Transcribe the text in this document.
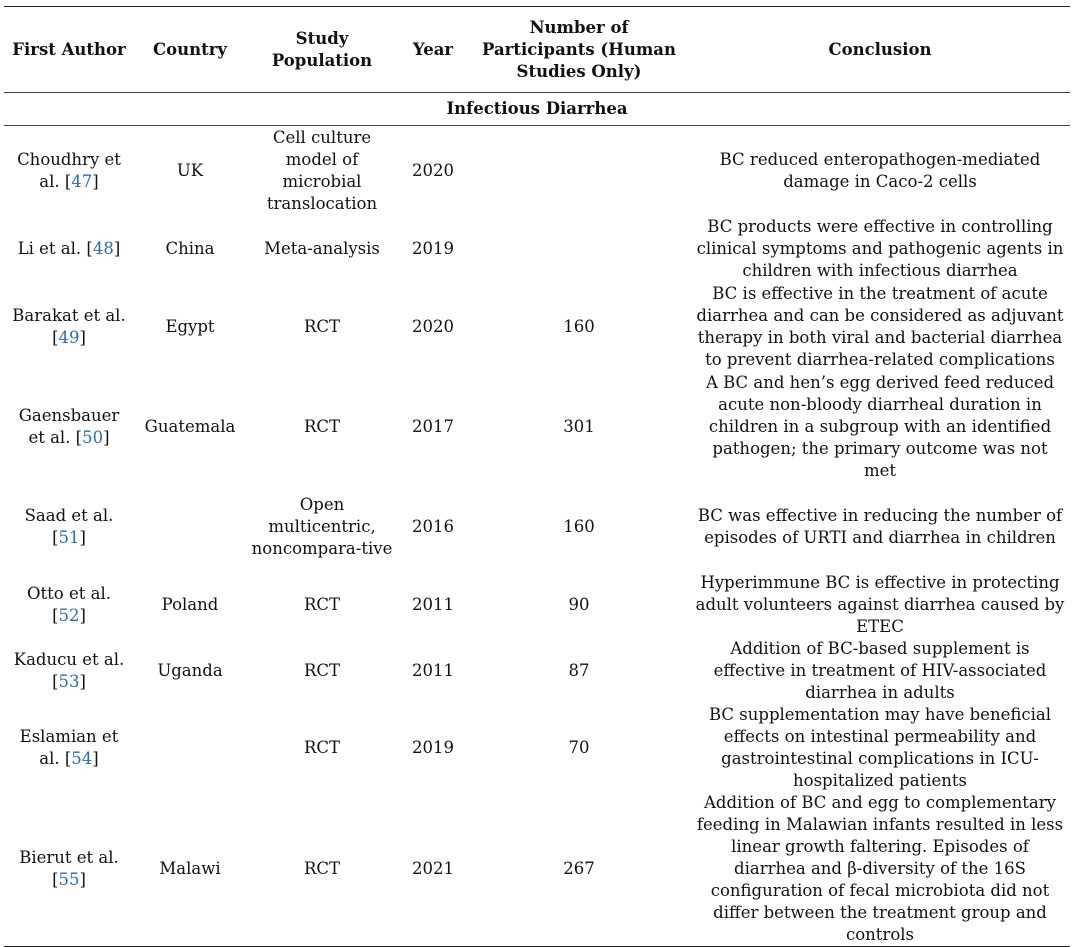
First Author	Country	Study Population	Year	Number of Participants (Human Studies Only)	Conclusion
Infectious Diarrhea					
Choudhry et al. [47]	UK	Cell culture model of microbial translocation	2020		BC reduced enteropathogen-mediated damage in Caco-2 cells
Li et al. [48]	China	Meta-analysis	2019		BC products were effective in controlling clinical symptoms and pathogenic agents in children with infectious diarrhea
Barakat et al. [49]	Egypt	RCT	2020	160	BC is effective in the treatment of acute diarrhea and can be considered as adjuvant therapy in both viral and bacterial diarrhea to prevent diarrhea-related complications
Gaensbauer et al. [50]	Guatemala	RCT	2017	301	A BC and hen’s egg derived feed reduced acute non-bloody diarrheal duration in children in a subgroup with an identified pathogen; the primary outcome was not met
Saad et al. [51]		Open multicentric, noncompara-tive	2016	160	BC was effective in reducing the number of episodes of URTI and diarrhea in children
Otto et al. [52]	Poland	RCT	2011	90	Hyperimmune BC is effective in protecting adult volunteers against diarrhea caused by ETEC
Kaducu et al. [53]	Uganda	RCT	2011	87	Addition of BC-based supplement is effective in treatment of HIV-associated diarrhea in adults
Eslamian et al. [54]		RCT	2019	70	BC supplementation may have beneficial effects on intestinal permeability and gastrointestinal complications in ICU-hospitalized patients
Bierut et al. [55]	Malawi	RCT	2021	267	Addition of BC and egg to complementary feeding in Malawian infants resulted in less linear growth faltering. Episodes of diarrhea and β-diversity of the 16S configuration of fecal microbiota did not differ between the treatment group and controls
